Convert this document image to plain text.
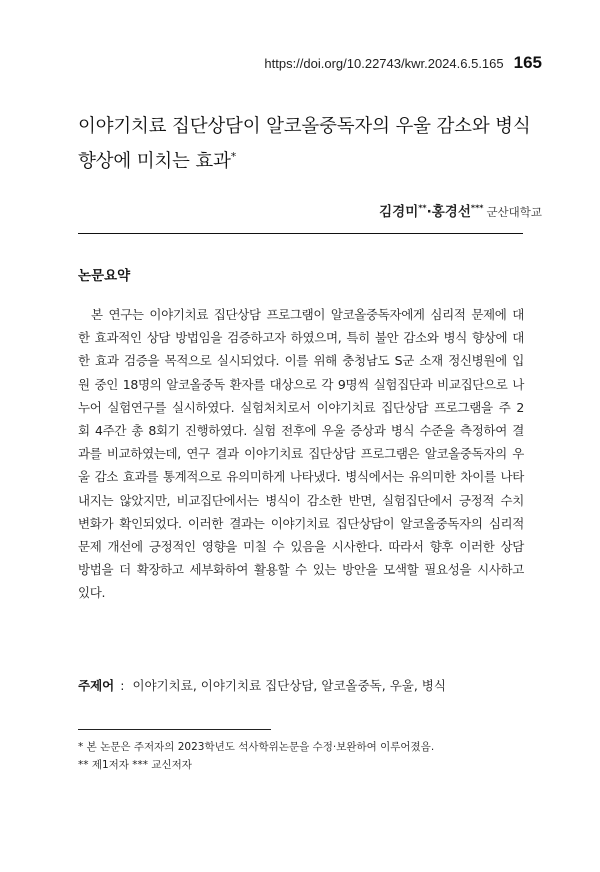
https://doi.org/10.22743/kwr.2024.6.5.165 165
이야기치료 집단상담이 알코올중독자의 우울 감소와 병식 향상에 미치는 효과*
김경미**·홍경선*** 군산대학교
논문요약

본 연구는 이야기치료 집단상담 프로그램이 알코올중독자에게 심리적 문제에 대한 효과적인 상담 방법임을 검증하고자 하였으며, 특히 불안 감소와 병식 향상에 대한 효과 검증을 목적으로 실시되었다. 이를 위해 충청남도 S군 소재 정신병원에 입원 중인 18명의 알코올중독 환자를 대상으로 각 9명씩 실험집단과 비교집단으로 나누어 실험연구를 실시하였다. 실험처치로서 이야기치료 집단상담 프로그램을 주 2회 4주간 총 8회기 진행하였다. 실험 전후에 우울 증상과 병식 수준을 측정하여 결과를 비교하였는데, 연구 결과 이야기치료 집단상담 프로그램은 알코올중독자의 우울 감소 효과를 통계적으로 유의미하게 나타냈다. 병식에서는 유의미한 차이를 나타내지는 않았지만, 비교집단에서는 병식이 감소한 반면, 실험집단에서 긍정적 수치 변화가 확인되었다. 이러한 결과는 이야기치료 집단상담이 알코올중독자의 심리적 문제 개선에 긍정적인 영향을 미칠 수 있음을 시사한다. 따라서 향후 이러한 상담 방법을 더 확장하고 세부화하여 활용할 수 있는 방안을 모색할 필요성을 시사하고 있다.

주제어 : 이야기치료, 이야기치료 집단상담, 알코올중독, 우울, 병식
* 본 논문은 주저자의 2023학년도 석사학위논문을 수정·보완하여 이루어졌음.
** 제1저자 *** 교신저자
